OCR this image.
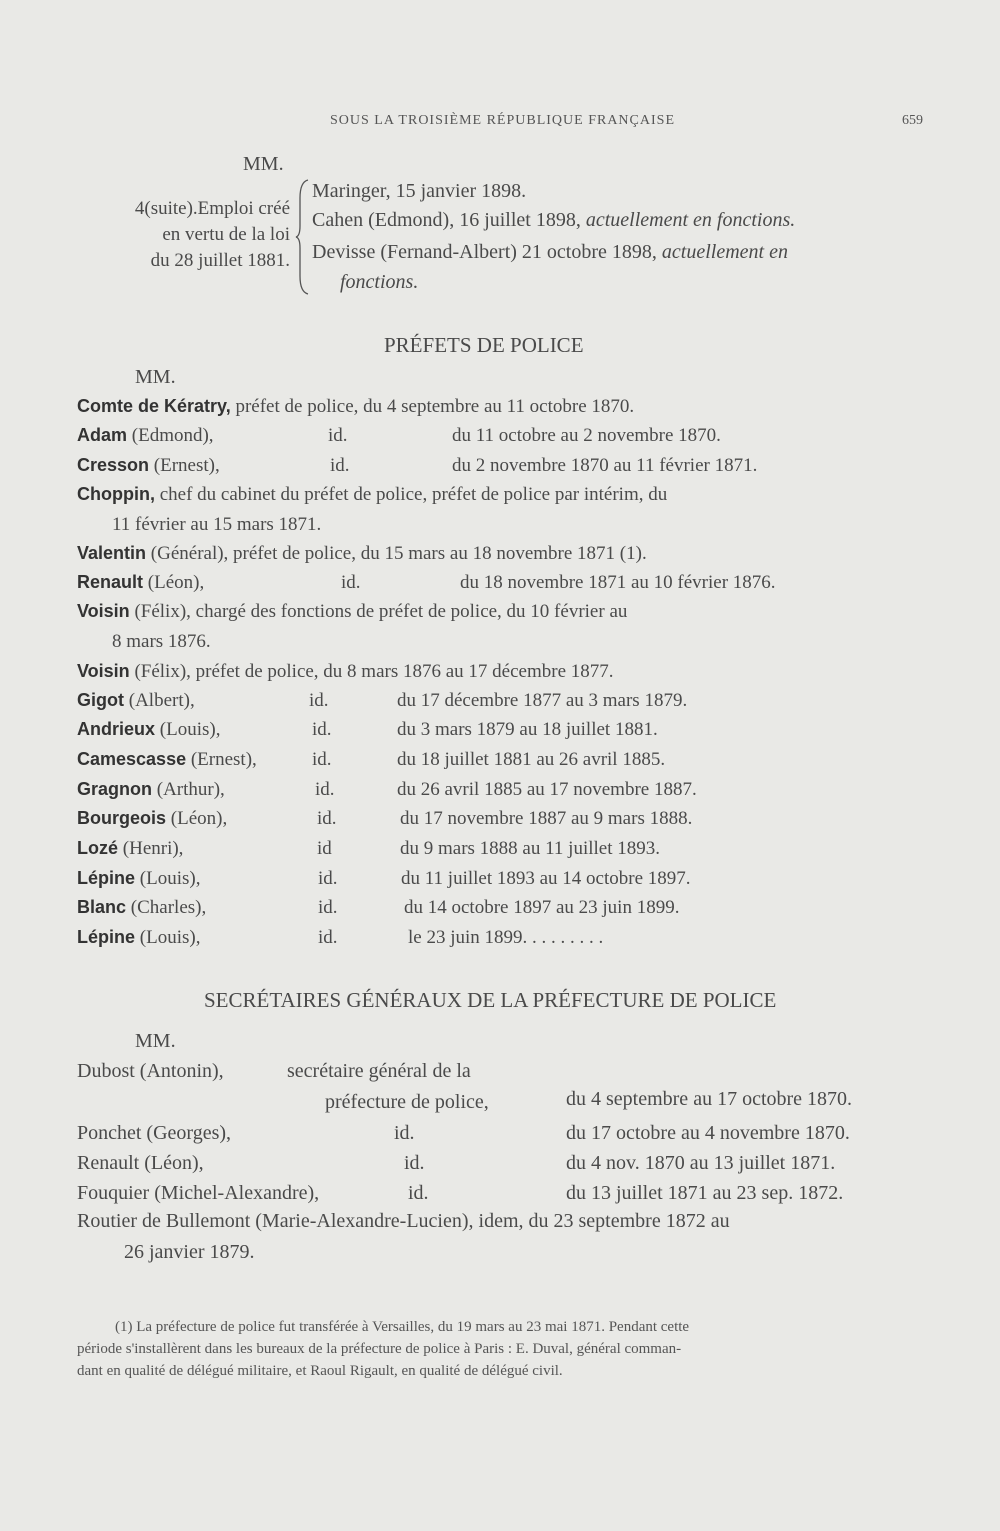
SOUS LA TROISIÈME RÉPUBLIQUE FRANÇAISE	659
MM.
4(suite).Emploi créé
en vertu de la loi
du 28 juillet 1881.
Maringer, 15 janvier 1898.
Cahen (Edmond), 16 juillet 1898, actuellement en fonctions.
Devisse (Fernand-Albert) 21 octobre 1898, actuellement en
fonctions.
PRÉFETS DE POLICE
MM.
Comte de Kératry, préfet de police, du 4 septembre au 11 octobre 1870.
Adam (Edmond),	id.	du 11 octobre au 2 novembre 1870.
Cresson (Ernest),	id.	du 2 novembre 1870 au 11 février 1871.
Choppin, chef du cabinet du préfet de police, préfet de police par intérim, du
11 février au 15 mars 1871.
Valentin (Général), préfet de police, du 15 mars au 18 novembre 1871 (1).
Renault (Léon),	id.	du 18 novembre 1871 au 10 février 1876.
Voisin (Félix), chargé des fonctions de préfet de police, du 10 février au
8 mars 1876.
Voisin (Félix), préfet de police, du 8 mars 1876 au 17 décembre 1877.
Gigot (Albert),	id.	du 17 décembre 1877 au 3 mars 1879.
Andrieux (Louis),	id.	du 3 mars 1879 au 18 juillet 1881.
Camescasse (Ernest),	id.	du 18 juillet 1881 au 26 avril 1885.
Gragnon (Arthur),	id.	du 26 avril 1885 au 17 novembre 1887.
Bourgeois (Léon),	id.	du 17 novembre 1887 au 9 mars 1888.
Lozé (Henri),	id	du 9 mars 1888 au 11 juillet 1893.
Lépine (Louis),	id.	du 11 juillet 1893 au 14 octobre 1897.
Blanc (Charles),	id.	du 14 octobre 1897 au 23 juin 1899.
Lépine (Louis),	id.	le 23 juin 1899. . . . . . . . .
SECRÉTAIRES GÉNÉRAUX DE LA PRÉFECTURE DE POLICE
MM.
Dubost (Antonin),	secrétaire général de la
préfecture de police,	du 4 septembre au 17 octobre 1870.
Ponchet (Georges),	id.	du 17 octobre au 4 novembre 1870.
Renault (Léon),	id.	du 4 nov. 1870 au 13 juillet 1871.
Fouquier (Michel-Alexandre),	id.	du 13 juillet 1871 au 23 sep. 1872.
Routier de Bullemont (Marie-Alexandre-Lucien), idem, du 23 septembre 1872 au
26 janvier 1879.
(1) La préfecture de police fut transférée à Versailles, du 19 mars au 23 mai 1871. Pendant cette
période s'installèrent dans les bureaux de la préfecture de police à Paris : E. Duval, général comman-
dant en qualité de délégué militaire, et Raoul Rigault, en qualité de délégué civil.
